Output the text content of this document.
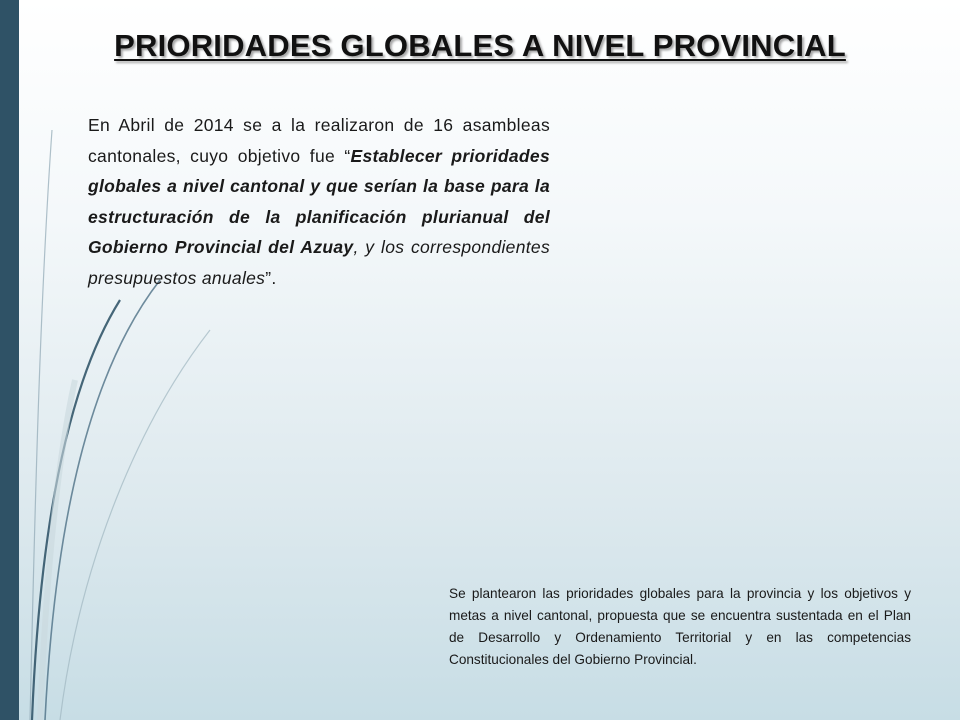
PRIORIDADES GLOBALES A NIVEL PROVINCIAL
En Abril de 2014 se a la realizaron de 16 asambleas cantonales, cuyo objetivo fue “Establecer prioridades globales a nivel cantonal y que serían la base para la estructuración de la planificación plurianual del Gobierno Provincial del Azuay, y los correspondientes presupuestos anuales”.
Se plantearon las prioridades globales para la provincia y los objetivos y metas a nivel cantonal, propuesta que se encuentra sustentada en el Plan de Desarrollo y Ordenamiento Territorial y en las competencias Constitucionales del Gobierno Provincial.
